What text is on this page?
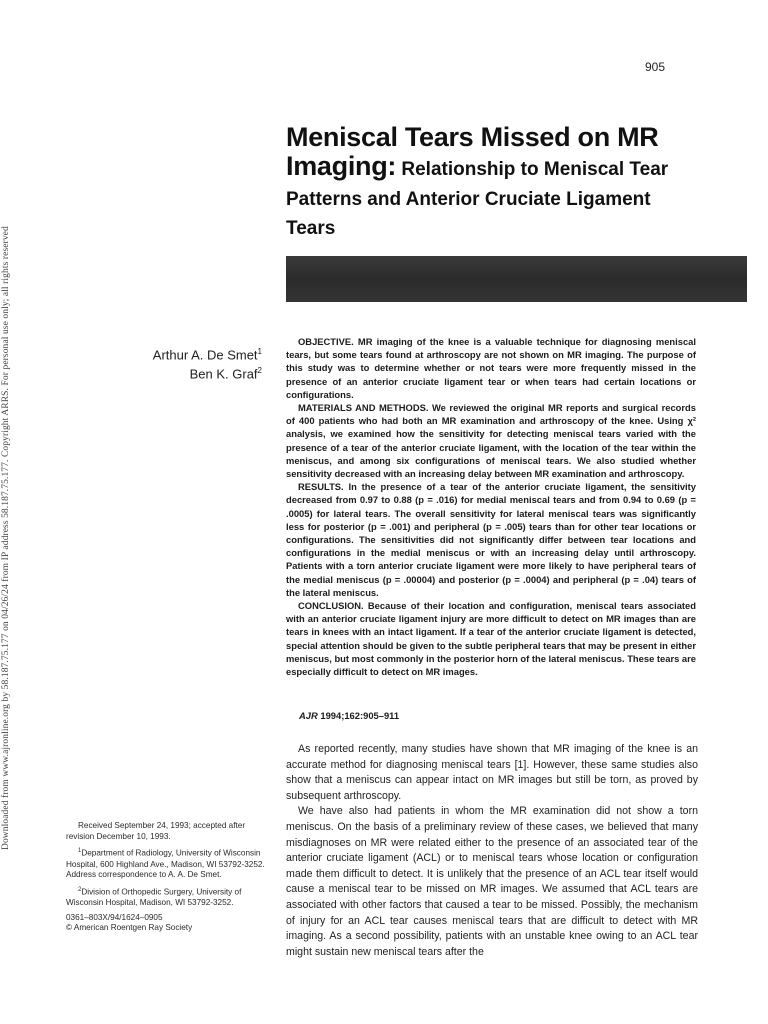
Downloaded from www.ajronline.org by 58.187.75.177 on 04/26/24 from IP address 58.187.75.177. Copyright ARRS. For personal use only; all rights reserved
905
Meniscal Tears Missed on MR
Imaging: Relationship to Meniscal Tear
Patterns and Anterior Cruciate Ligament
Tears
Arthur A. De Smet$^1$
Ben K. Graf$^2$

OBJECTIVE. MR imaging of the knee is a valuable technique for diagnosing meniscal tears, but some tears found at arthroscopy are not shown on MR imaging. The purpose of this study was to determine whether or not tears were more frequently missed in the presence of an anterior cruciate ligament tear or when tears had certain locations or configurations.

MATERIALS AND METHODS. We reviewed the original MR reports and surgical records of 400 patients who had both an MR examination and arthroscopy of the knee. Using χ² analysis, we examined how the sensitivity for detecting meniscal tears varied with the presence of a tear of the anterior cruciate ligament, with the location of the tear within the meniscus, and among six configurations of meniscal tears. We also studied whether sensitivity decreased with an increasing delay between MR examination and arthroscopy.

RESULTS. In the presence of a tear of the anterior cruciate ligament, the sensitivity decreased from 0.97 to 0.88 (p = .016) for medial meniscal tears and from 0.94 to 0.69 (p = .0005) for lateral tears. The overall sensitivity for lateral meniscal tears was significantly less for posterior (p = .001) and peripheral (p = .005) tears than for other tear locations or configurations. The sensitivities did not significantly differ between tear locations and configurations in the medial meniscus or with an increasing delay until arthroscopy. Patients with a torn anterior cruciate ligament were more likely to have peripheral tears of the medial meniscus (p = .00004) and posterior (p = .0004) and peripheral (p = .04) tears of the lateral meniscus.

CONCLUSION. Because of their location and configuration, meniscal tears associated with an anterior cruciate ligament injury are more difficult to detect on MR images than are tears in knees with an intact ligament. If a tear of the anterior cruciate ligament is detected, special attention should be given to the subtle peripheral tears that may be present in either meniscus, but most commonly in the posterior horn of the lateral meniscus. These tears are especially difficult to detect on MR images.

AJR 1994;162:905–911

As reported recently, many studies have shown that MR imaging of the knee is an accurate method for diagnosing meniscal tears [1]. However, these same studies also show that a meniscus can appear intact on MR images but still be torn, as proved by subsequent arthroscopy.

We have also had patients in whom the MR examination did not show a torn meniscus. On the basis of a preliminary review of these cases, we believed that many misdiagnoses on MR were related either to the presence of an associated tear of the anterior cruciate ligament (ACL) or to meniscal tears whose location or configuration made them difficult to detect. It is unlikely that the presence of an ACL tear itself would cause a meniscal tear to be missed on MR images. We assumed that ACL tears are associated with other factors that caused a tear to be missed. Possibly, the mechanism of injury for an ACL tear causes meniscal tears that are difficult to detect with MR imaging. As a second possibility, patients with an unstable knee owing to an ACL tear might sustain new meniscal tears after the

Received September 24, 1993; accepted after revision December 10, 1993.

$^1$Department of Radiology, University of Wisconsin Hospital, 600 Highland Ave., Madison, WI 53792-3252. Address correspondence to A. A. De Smet.

$^2$Division of Orthopedic Surgery, University of Wisconsin Hospital, Madison, WI 53792-3252.

0361–803X/94/1624–0905

© American Roentgen Ray Society
